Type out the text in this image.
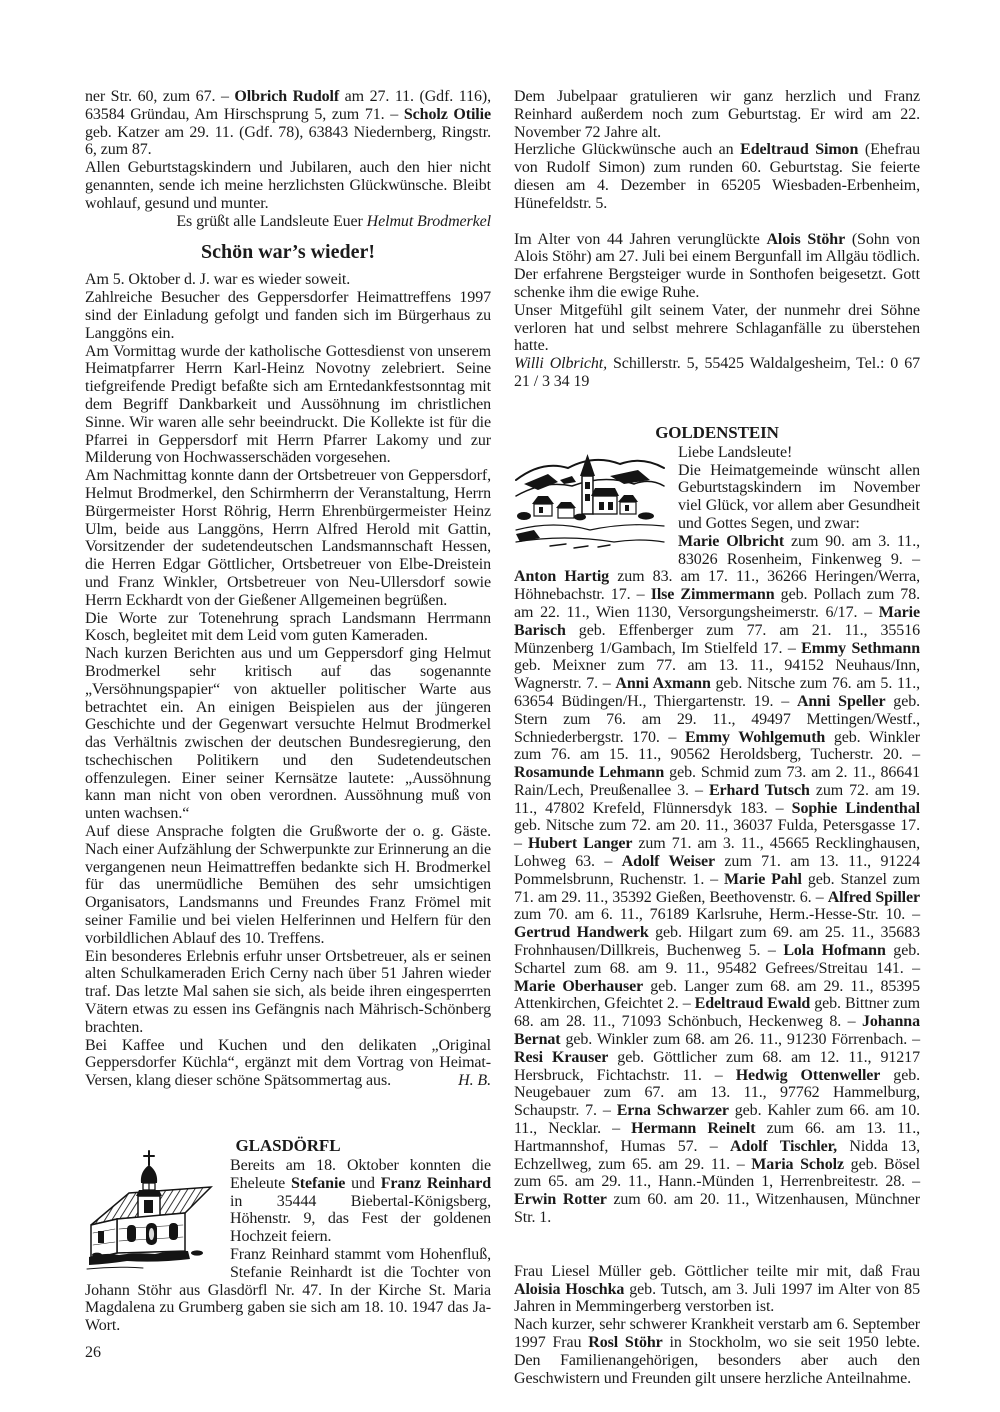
ner Str. 60, zum 67. – Olbrich Rudolf am 27. 11. (Gdf. 116), 63584 Gründau, Am Hirschsprung 5, zum 71. – Scholz Otilie geb. Katzer am 29. 11. (Gdf. 78), 63843 Niedernberg, Ringstr. 6, zum 87.

Allen Geburtstagskindern und Jubilaren, auch den hier nicht genannten, sende ich meine herzlichsten Glückwünsche. Bleibt wohlauf, gesund und munter.

Es grüßt alle Landsleute Euer Helmut Brodmerkel

Schön war’s wieder!

Am 5. Oktober d. J. war es wieder soweit.

Zahlreiche Besucher des Geppersdorfer Heimattreffens 1997 sind der Einladung gefolgt und fanden sich im Bürgerhaus zu Langgöns ein.

Am Vormittag wurde der katholische Gottesdienst von unserem Heimatpfarrer Herrn Karl-Heinz Novotny zelebriert. Seine tiefgreifende Predigt befaßte sich am Erntedankfestsonntag mit dem Begriff Dankbarkeit und Aussöhnung im christlichen Sinne. Wir waren alle sehr beeindruckt. Die Kollekte ist für die Pfarrei in Geppersdorf mit Herrn Pfarrer Lakomy und zur Milderung von Hochwasserschäden vorgesehen.

Am Nachmittag konnte dann der Ortsbetreuer von Geppersdorf, Helmut Brodmerkel, den Schirmherrn der Veranstaltung, Herrn Bürgermeister Horst Röhrig, Herrn Ehrenbürgermeister Heinz Ulm, beide aus Langgöns, Herrn Alfred Herold mit Gattin, Vorsitzender der sudetendeutschen Landsmannschaft Hessen, die Herren Edgar Göttlicher, Ortsbetreuer von Elbe-Dreistein und Franz Winkler, Ortsbetreuer von Neu-Ullersdorf sowie Herrn Eckhardt von der Gießener Allgemeinen begrüßen.

Die Worte zur Totenehrung sprach Landsmann Herrmann Kosch, begleitet mit dem Leid vom guten Kameraden.

Nach kurzen Berichten aus und um Geppersdorf ging Helmut Brodmerkel sehr kritisch auf das sogenannte „Versöhnungspapier“ von aktueller politischer Warte aus betrachtet ein. An einigen Beispielen aus der jüngeren Geschichte und der Gegenwart versuchte Helmut Brodmerkel das Verhältnis zwischen der deutschen Bundesregierung, den tschechischen Politikern und den Sudetendeutschen offenzulegen. Einer seiner Kernsätze lautete: „Aussöhnung kann man nicht von oben verordnen. Aussöhnung muß von unten wachsen.“

Auf diese Ansprache folgten die Grußworte der o. g. Gäste. Nach einer Aufzählung der Schwerpunkte zur Erinnerung an die vergangenen neun Heimattreffen bedankte sich H. Brodmerkel für das unermüdliche Bemühen des sehr umsichtigen Organisators, Landsmanns und Freundes Franz Frömel mit seiner Familie und bei vielen Helferinnen und Helfern für den vorbildlichen Ablauf des 10. Treffens.

Ein besonderes Erlebnis erfuhr unser Ortsbetreuer, als er seinen alten Schulkameraden Erich Cerny nach über 51 Jahren wieder traf. Das letzte Mal sahen sie sich, als beide ihren eingesperrten Vätern etwas zu essen ins Gefängnis nach Mährisch-Schönberg brachten.

Bei Kaffee und Kuchen und den delikaten „Original Geppersdorfer Küchla“, ergänzt mit dem Vortrag von Heimat-Versen, klang dieser schöne Spätsommertag aus.	H. B.

GLASDÖRFL

Bereits am 18. Oktober konnten die Eheleute Stefanie und Franz Reinhard in 35444 Biebertal-Königsberg, Höhenstr. 9, das Fest der goldenen Hochzeit feiern.

Franz Reinhard stammt vom Hohenfluß, Stefanie Reinhardt ist die Tochter von Johann Stöhr aus Glasdörfl Nr. 47. In der Kirche St. Maria Magdalena zu Grumberg gaben sie sich am 18. 10. 1947 das Ja-Wort.

Dem Jubelpaar gratulieren wir ganz herzlich und Franz Reinhard außerdem noch zum Geburtstag. Er wird am 22. November 72 Jahre alt.

Herzliche Glückwünsche auch an Edeltraud Simon (Ehefrau von Rudolf Simon) zum runden 60. Geburtstag. Sie feierte diesen am 4. Dezember in 65205 Wiesbaden-Erbenheim, Hünefeldstr. 5.

Im Alter von 44 Jahren verunglückte Alois Stöhr (Sohn von Alois Stöhr) am 27. Juli bei einem Bergunfall im Allgäu tödlich. Der erfahrene Bergsteiger wurde in Sonthofen beigesetzt. Gott schenke ihm die ewige Ruhe.

Unser Mitgefühl gilt seinem Vater, der nunmehr drei Söhne verloren hat und selbst mehrere Schlaganfälle zu überstehen hatte.

Willi Olbricht, Schillerstr. 5, 55425 Waldalgesheim, Tel.: 0 67 21 / 3 34 19

GOLDENSTEIN

Liebe Landsleute!

Die Heimatgemeinde wünscht allen Geburtstagskindern im November viel Glück, vor allem aber Gesundheit und Gottes Segen, und zwar:

Marie Olbricht zum 90. am 3. 11., 83026 Rosenheim, Finkenweg 9. – Anton Hartig zum 83. am 17. 11., 36266 Heringen/Werra, Höhnebachstr. 17. – Ilse Zimmermann geb. Pollach zum 78. am 22. 11., Wien 1130, Versorgungsheimerstr. 6/17. – Marie Barisch geb. Effenberger zum 77. am 21. 11., 35516 Münzenberg 1/Gambach, Im Stielfeld 17. – Emmy Sethmann geb. Meixner zum 77. am 13. 11., 94152 Neuhaus/Inn, Wagnerstr. 7. – Anni Axmann geb. Nitsche zum 76. am 5. 11., 63654 Büdingen/H., Thiergartenstr. 19. – Anni Speller geb. Stern zum 76. am 29. 11., 49497 Mettingen/Westf., Schniederbergstr. 170. – Emmy Wohlgemuth geb. Winkler zum 76. am 15. 11., 90562 Heroldsberg, Tucherstr. 20. – Rosamunde Lehmann geb. Schmid zum 73. am 2. 11., 86641 Rain/Lech, Preußenallee 3. – Erhard Tutsch zum 72. am 19. 11., 47802 Krefeld, Flünnersdyk 183. – Sophie Lindenthal geb. Nitsche zum 72. am 20. 11., 36037 Fulda, Petersgasse 17. – Hubert Langer zum 71. am 3. 11., 45665 Recklinghausen, Lohweg 63. – Adolf Weiser zum 71. am 13. 11., 91224 Pommelsbrunn, Ruchenstr. 1. – Marie Pahl geb. Stanzel zum 71. am 29. 11., 35392 Gießen, Beethovenstr. 6. – Alfred Spiller zum 70. am 6. 11., 76189 Karlsruhe, Herm.-Hesse-Str. 10. – Gertrud Handwerk geb. Hilgart zum 69. am 25. 11., 35683 Frohnhausen/Dillkreis, Buchenweg 5. – Lola Hofmann geb. Schartel zum 68. am 9. 11., 95482 Gefrees/Streitau 141. – Marie Oberhauser geb. Langer zum 68. am 29. 11., 85395 Attenkirchen, Gfeichtet 2. – Edeltraud Ewald geb. Bittner zum 68. am 28. 11., 71093 Schönbuch, Heckenweg 8. – Johanna Bernat geb. Winkler zum 68. am 26. 11., 91230 Förrenbach. – Resi Krauser geb. Göttlicher zum 68. am 12. 11., 91217 Hersbruck, Fichtachstr. 11. – Hedwig Ottenweller geb. Neugebauer zum 67. am 13. 11., 97762 Hammelburg, Schaupstr. 7. – Erna Schwarzer geb. Kahler zum 66. am 10. 11., Necklar. – Hermann Reinelt zum 66. am 13. 11., Hartmannshof, Humas 57. – Adolf Tischler, Nidda 13, Echzellweg, zum 65. am 29. 11. – Maria Scholz geb. Bösel zum 65. am 29. 11., Hann.-Münden 1, Herrenbreitestr. 28. – Erwin Rotter zum 60. am 20. 11., Witzenhausen, Münchner Str. 1.

Frau Liesel Müller geb. Göttlicher teilte mir mit, daß Frau Aloisia Hoschka geb. Tutsch, am 3. Juli 1997 im Alter von 85 Jahren in Memmingerberg verstorben ist.

Nach kurzer, sehr schwerer Krankheit verstarb am 6. September 1997 Frau Rosl Stöhr in Stockholm, wo sie seit 1950 lebte. Den Familienangehörigen, besonders aber auch den Geschwistern und Freunden gilt unsere herzliche Anteilnahme.

26
